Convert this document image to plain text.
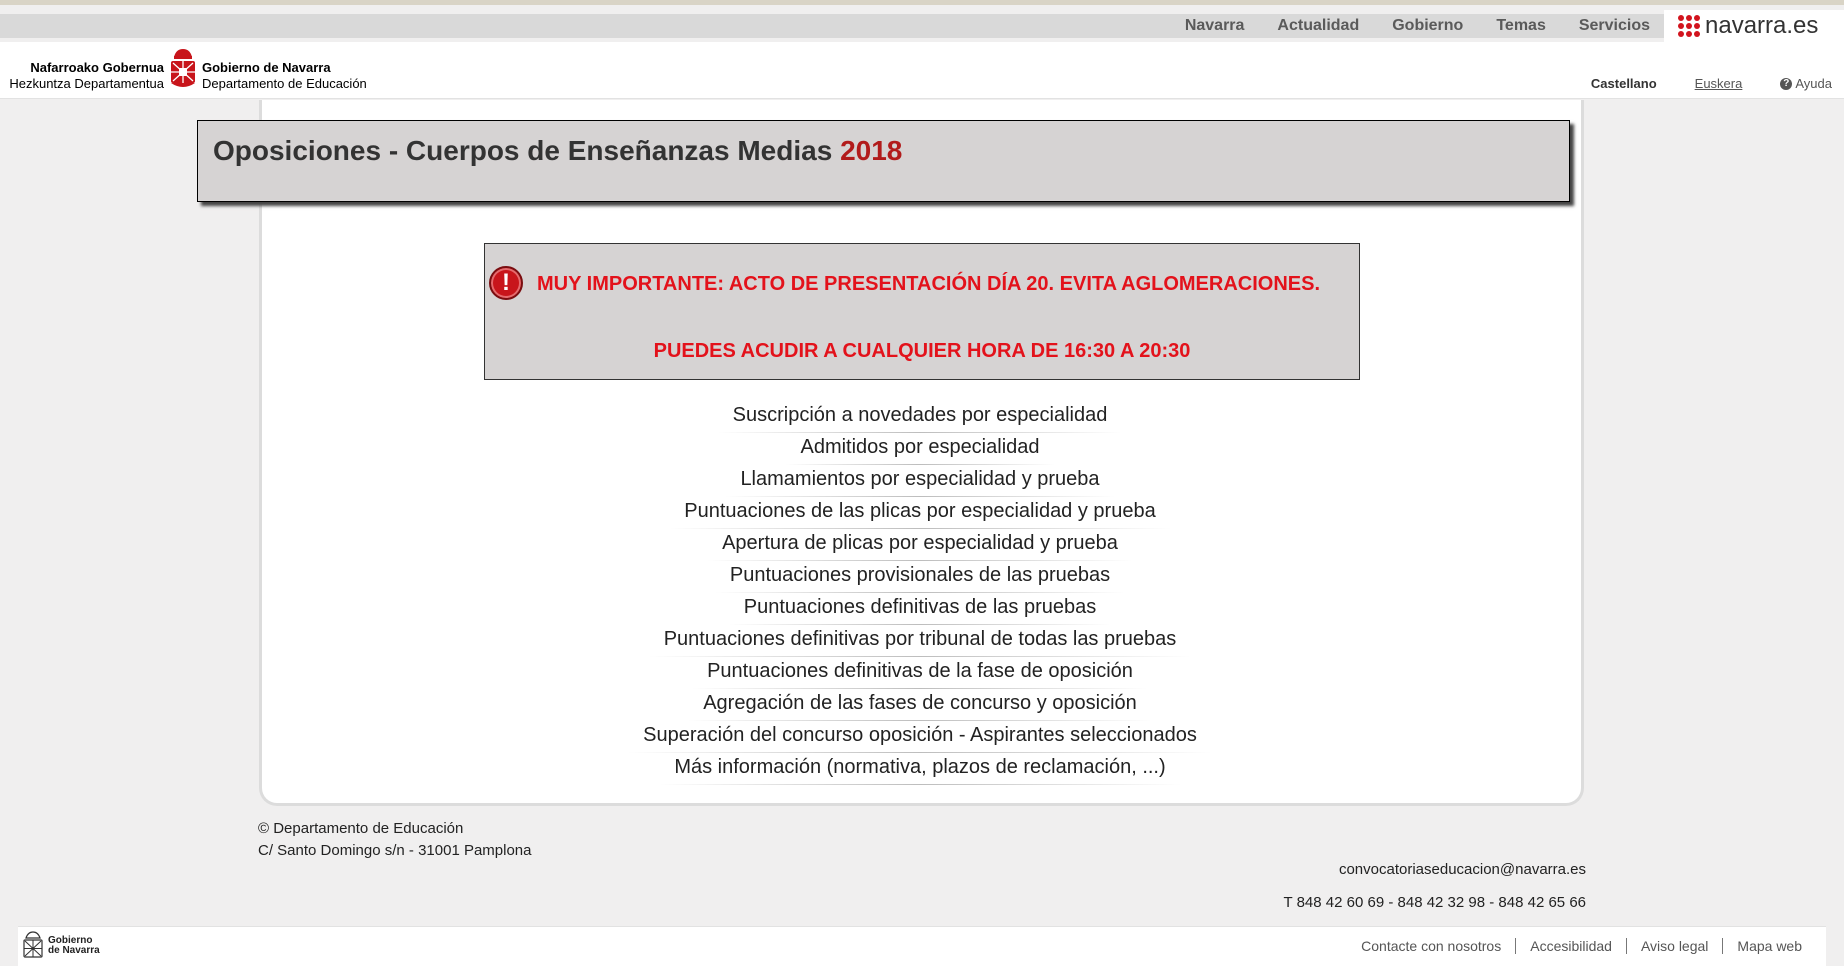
Navarra Actualidad Gobierno Temas Servicios navarra.es
Nafarroako Gobernua
Hezkuntza Departamentua
Gobierno de Navarra
Departamento de Educación	Castellano	Euskera	? Ayuda
Oposiciones - Cuerpos de Enseñanzas Medias 2018
!	MUY IMPORTANTE: ACTO DE PRESENTACIÓN DÍA 20. EVITA AGLOMERACIONES.
PUEDES ACUDIR A CUALQUIER HORA DE 16:30 A 20:30
Suscripción a novedades por especialidad
Admitidos por especialidad
Llamamientos por especialidad y prueba
Puntuaciones de las plicas por especialidad y prueba
Apertura de plicas por especialidad y prueba
Puntuaciones provisionales de las pruebas
Puntuaciones definitivas de las pruebas
Puntuaciones definitivas por tribunal de todas las pruebas
Puntuaciones definitivas de la fase de oposición
Agregación de las fases de concurso y oposición
Superación del concurso oposición - Aspirantes seleccionados
Más información (normativa, plazos de reclamación, ...)
© Departamento de Educación
C/ Santo Domingo s/n - 31001 Pamplona
convocatoriaseducacion@navarra.es
T 848 42 60 69 - 848 42 32 98 - 848 42 65 66
Gobierno
de Navarra	Contacte con nosotros	Accesibilidad	Aviso legal	Mapa web
